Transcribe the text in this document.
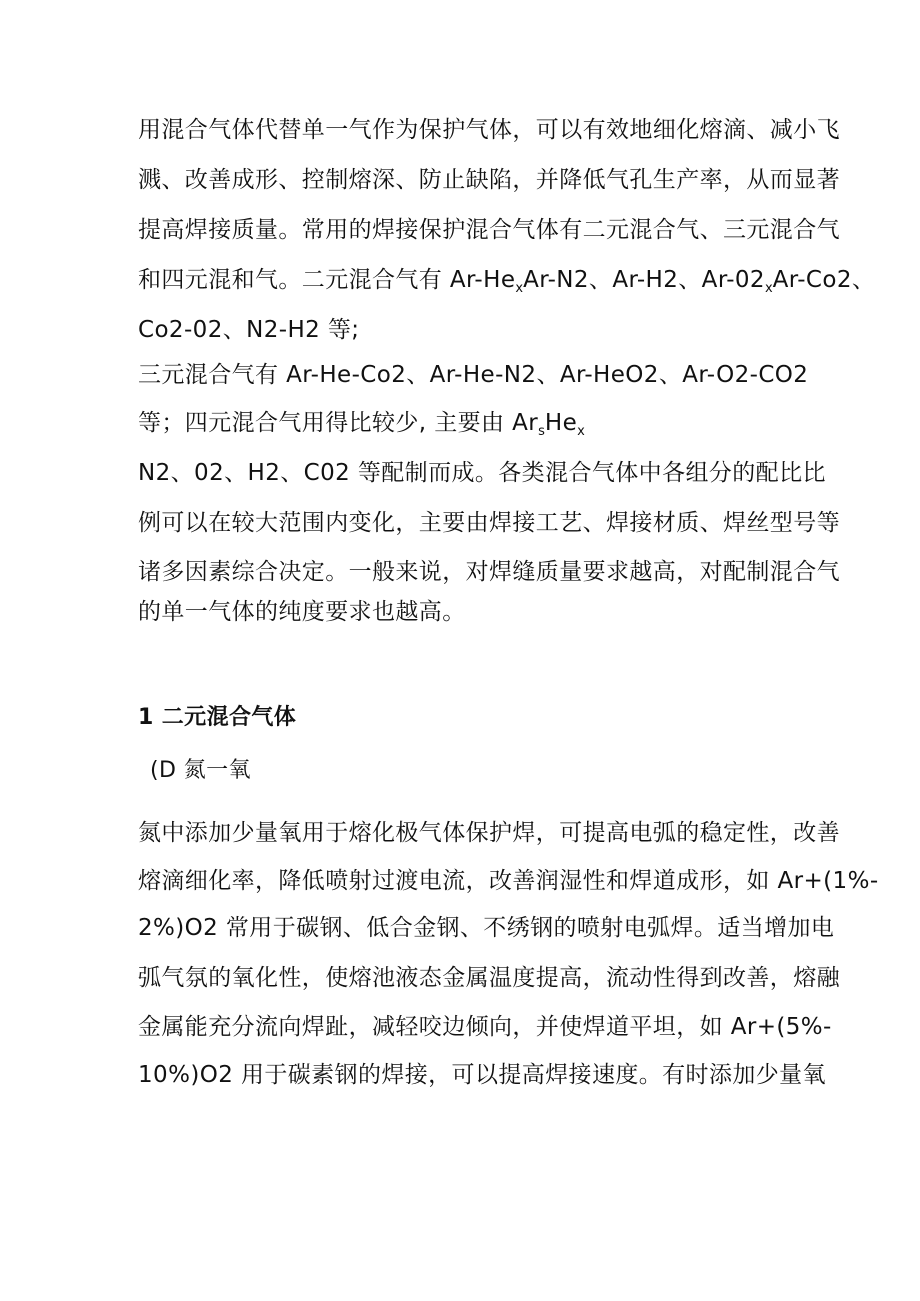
用混合气体代替单一气作为保护气体，可以有效地细化熔滴、减小飞
溅、改善成形、控制熔深、防止缺陷，并降低气孔生产率，从而显著
提高焊接质量。常用的焊接保护混合气体有二元混合气、三元混合气
和四元混和气。二元混合气有 $Ar-He_xAr-N2$、Ar-H2、$Ar-02_xAr-Co2$、
Co2-02、N2-H2 等;
三元混合气有 Ar-He-Co2、Ar-He-N2、Ar-HeO2、Ar-O2-CO2
等；四元混合气用得比较少, 主要由 $Ar_sHe_x$
N2、02、H2、C02 等配制而成。各类混合气体中各组分的配比比
例可以在较大范围内变化，主要由焊接工艺、焊接材质、焊丝型号等
诸多因素综合决定。一般来说，对焊缝质量要求越高，对配制混合气
的单一气体的纯度要求也越高。
1 二元混合气体
(D 氮一氧
氮中添加少量氧用于熔化极气体保护焊，可提高电弧的稳定性，改善
熔滴细化率，降低喷射过渡电流，改善润湿性和焊道成形，如 Ar+(1%-
2%)O2 常用于碳钢、低合金钢、不绣钢的喷射电弧焊。适当增加电
弧气氛的氧化性，使熔池液态金属温度提高，流动性得到改善，熔融
金属能充分流向焊趾，减轻咬边倾向，并使焊道平坦，如 Ar+(5%-
10%)O2 用于碳素钢的焊接，可以提高焊接速度。有时添加少量氧
